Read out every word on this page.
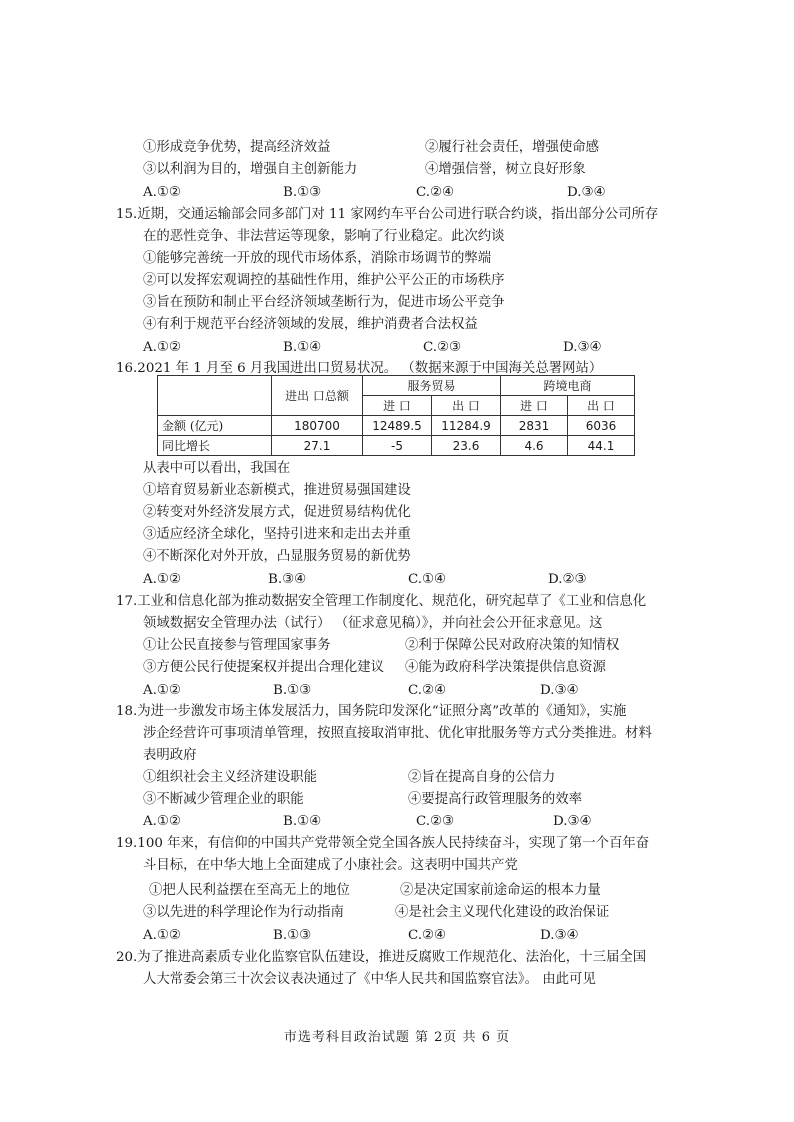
①形成竞争优势，提高经济效益	②履行社会责任，增强使命感
③以利润为目的，增强自主创新能力	④增强信誉，树立良好形象
A.①②	B.①③	C.②④	D.③④
15.近期，交通运输部会同多部门对 11 家网约车平台公司进行联合约谈，指出部分公司所存
在的恶性竞争、非法营运等现象，影响了行业稳定。此次约谈
①能够完善统一开放的现代市场体系，消除市场调节的弊端
②可以发挥宏观调控的基础性作用，维护公平公正的市场秩序
③旨在预防和制止平台经济领域垄断行为，促进市场公平竞争
④有利于规范平台经济领域的发展，维护消费者合法权益
A.①②	B.①④	C.②③	D.③④
16.2021 年 1 月至 6 月我国进出口贸易状况。 （数据来源于中国海关总署网站）
	进出 口总额	服务贸易		跨境电商	
		进 口	出 口	进 口	出 口
金额 (亿元)	180700	12489.5	11284.9	2831	6036
同比增长	27.1	-5	23.6	4.6	44.1
从表中可以看出，我国在
①培育贸易新业态新模式，推进贸易强国建设
②转变对外经济发展方式，促进贸易结构优化
③适应经济全球化，坚持引进来和走出去并重
④不断深化对外开放，凸显服务贸易的新优势
A.①②	B.③④	C.①④	D.②③
17.工业和信息化部为推动数据安全管理工作制度化、规范化，研究起草了《工业和信息化
领域数据安全管理办法（试行） （征求意见稿）》，并向社会公开征求意见。这
①让公民直接参与管理国家事务	②利于保障公民对政府决策的知情权
③方便公民行使提案权并提出合理化建议 ④能为政府科学决策提供信息资源
A.①②	B.①③	C.②④	D.③④
18.为进一步激发市场主体发展活力，国务院印发深化“证照分离”改革的《通知》，实施
涉企经营许可事项清单管理，按照直接取消审批、优化审批服务等方式分类推进。材料
表明政府
①组织社会主义经济建设职能	②旨在提高自身的公信力
③不断减少管理企业的职能	④要提高行政管理服务的效率
A.①②	B.①④	C.②③	D.③④
19.100 年来，有信仰的中国共产党带领全党全国各族人民持续奋斗，实现了第一个百年奋
斗目标，在中华大地上全面建成了小康社会。这表明中国共产党
①把人民利益摆在至高无上的地位	②是决定国家前途命运的根本力量
③以先进的科学理论作为行动指南	④是社会主义现代化建设的政治保证
A.①②	B.①③	C.②④	D.③④
20.为了推进高素质专业化监察官队伍建设，推进反腐败工作规范化、法治化，十三届全国
人大常委会第三十次会议表决通过了《中华人民共和国监察官法》。 由此可见
市选考科目政治试题 第 2页 共 6 页
